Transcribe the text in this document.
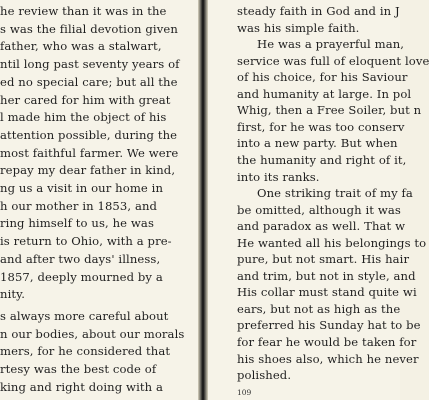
he review than it was in the
s was the filial devotion given
father, who was a stalwart,
ntil long past seventy years of
ed no special care; but all the
her cared for him with great
l made him the object of his
attention possible, during the
most faithful farmer. We were
repay my dear father in kind,
ng us a visit in our home in
h our mother in 1853, and
ring himself to us, he was
is return to Ohio, with a pre-
and after two days' illness,
1857, deeply mourned by a
nity.
s always more careful about
n our bodies, about our morals
mers, for he considered that
rtesy was the best code of
king and right doing with a
steady faith in God and in J
was his simple faith.
He was a prayerful man,
service was full of eloquent love
of his choice, for his Saviour
and humanity at large. In pol
Whig, then a Free Soiler, but n
first, for he was too conserv
into a new party. But when
the humanity and right of it,
into its ranks.
One striking trait of my fa
be omitted, although it was
and paradox as well. That w
He wanted all his belongings to
pure, but not smart. His hair
and trim, but not in style, and
His collar must stand quite wi
ears, but not as high as the
preferred his Sunday hat to be
for fear he would be taken for
his shoes also, which he never
polished.
109
